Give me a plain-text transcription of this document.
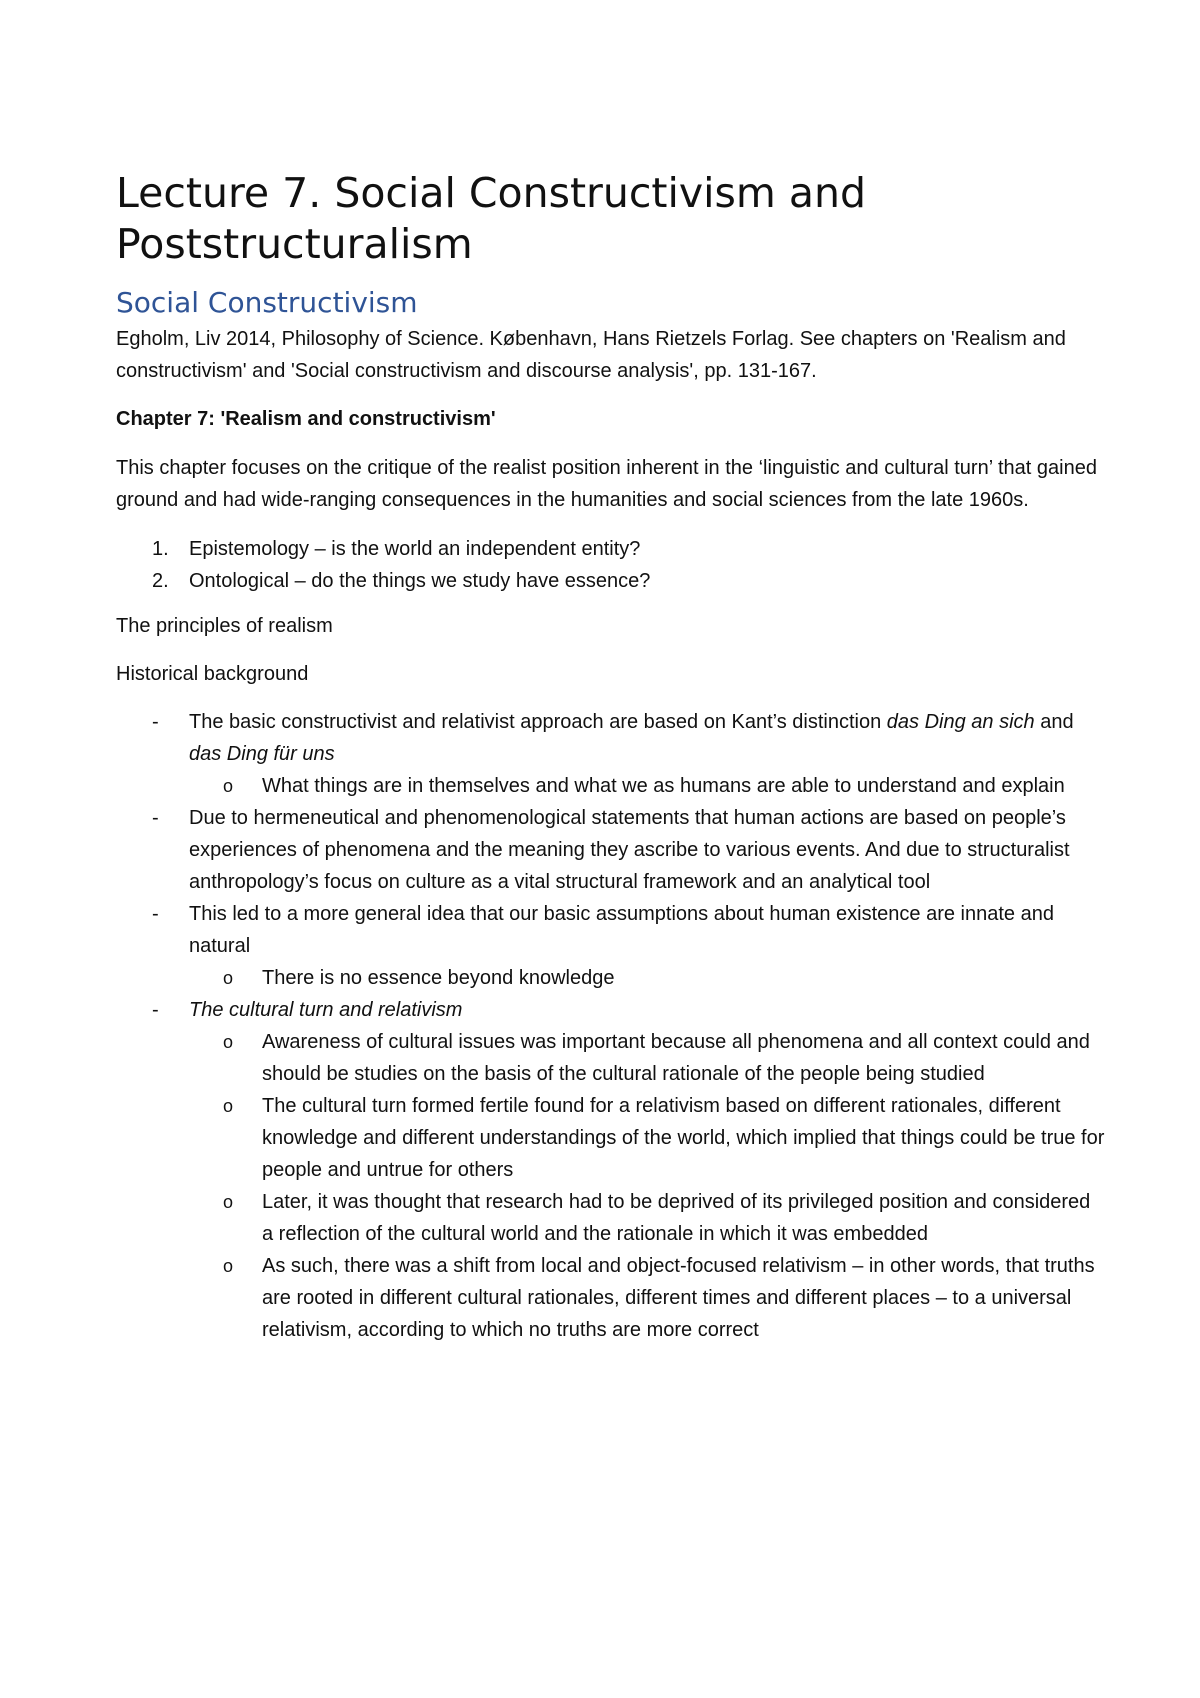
Lecture 7. Social Constructivism and Poststructuralism
Social Constructivism

Egholm, Liv 2014, Philosophy of Science. København, Hans Rietzels Forlag. See chapters on 'Realism and constructivism' and 'Social constructivism and discourse analysis', pp. 131-167.

Chapter 7: 'Realism and constructivism'

This chapter focuses on the critique of the realist position inherent in the ‘linguistic and cultural turn’ that gained ground and had wide-ranging consequences in the humanities and social sciences from the late 1960s.

1. Epistemology – is the world an independent entity?
2. Ontological – do the things we study have essence?

The principles of realism

Historical background

- The basic constructivist and relativist approach are based on Kant’s distinction das Ding an sich and das Ding für uns
o What things are in themselves and what we as humans are able to understand and explain
- Due to hermeneutical and phenomenological statements that human actions are based on people’s experiences of phenomena and the meaning they ascribe to various events. And due to structuralist anthropology’s focus on culture as a vital structural framework and an analytical tool
- This led to a more general idea that our basic assumptions about human existence are innate and natural
o There is no essence beyond knowledge
- The cultural turn and relativism
o Awareness of cultural issues was important because all phenomena and all context could and should be studies on the basis of the cultural rationale of the people being studied
o The cultural turn formed fertile found for a relativism based on different rationales, different knowledge and different understandings of the world, which implied that things could be true for people and untrue for others
o Later, it was thought that research had to be deprived of its privileged position and considered a reflection of the cultural world and the rationale in which it was embedded
o As such, there was a shift from local and object-focused relativism – in other words, that truths are rooted in different cultural rationales, different times and different places – to a universal relativism, according to which no truths are more correct
